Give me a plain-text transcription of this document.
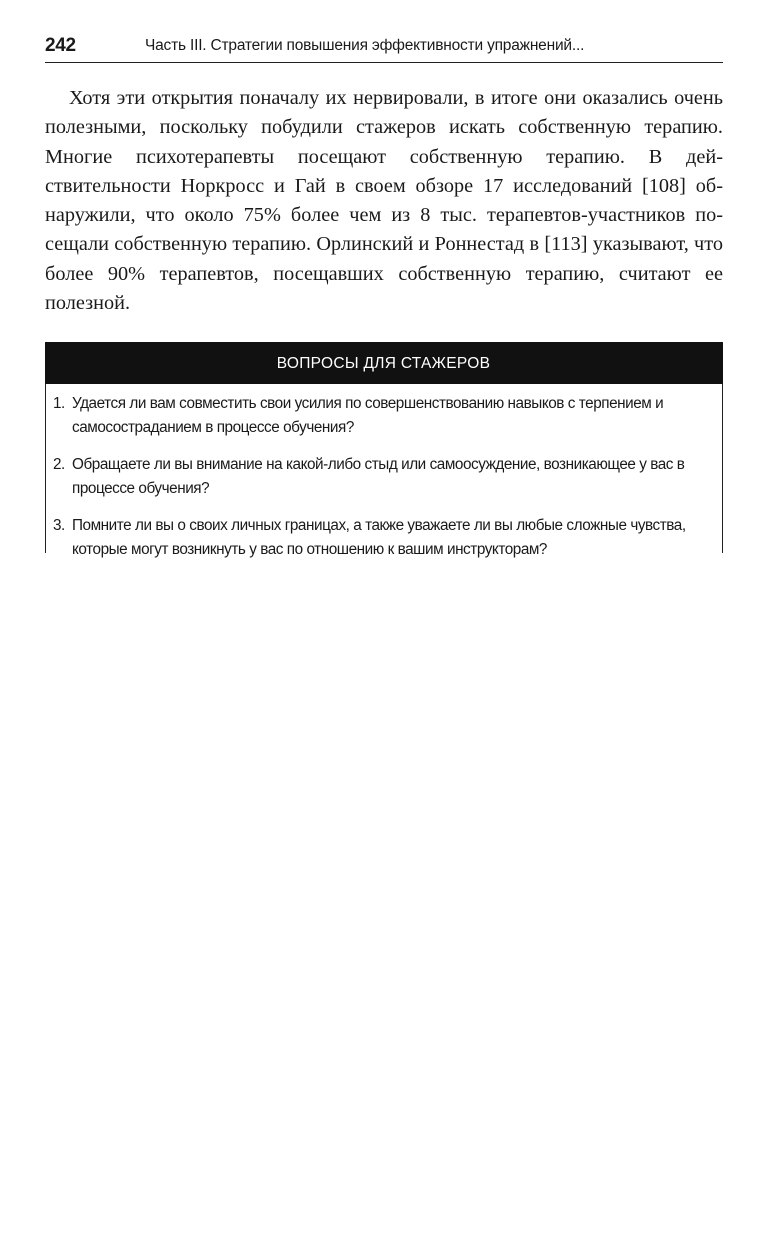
242	Часть III. Стратегии повышения эффективности упражнений...

Хотя эти открытия поначалу их нервировали, в итоге они оказались очень полезными, поскольку побудили стажеров искать собственную терапию. Многие психотерапевты посещают собственную терапию. В действительности Норкросс и Гай в своем обзоре 17 исследований [108] обнаружили, что около 75% более чем из 8 тыс. терапевтов-участников посещали собственную терапию. Орлинский и Роннестад в [113] указывают, что более 90% терапевтов, посещавших собственную терапию, считают ее полезной.

ВОПРОСЫ ДЛЯ СТАЖЕРОВ
1. Удается ли вам совместить свои усилия по совершенствованию навыков с терпением и самосостраданием в процессе обучения?
2. Обращаете ли вы внимание на какой-либо стыд или самоосуждение, возникающее у вас в процессе обучения?
3. Помните ли вы о своих личных границах, а также уважаете ли вы любые сложные чувства, которые могут возникнуть у вас по отношению к вашим инструкторам?
